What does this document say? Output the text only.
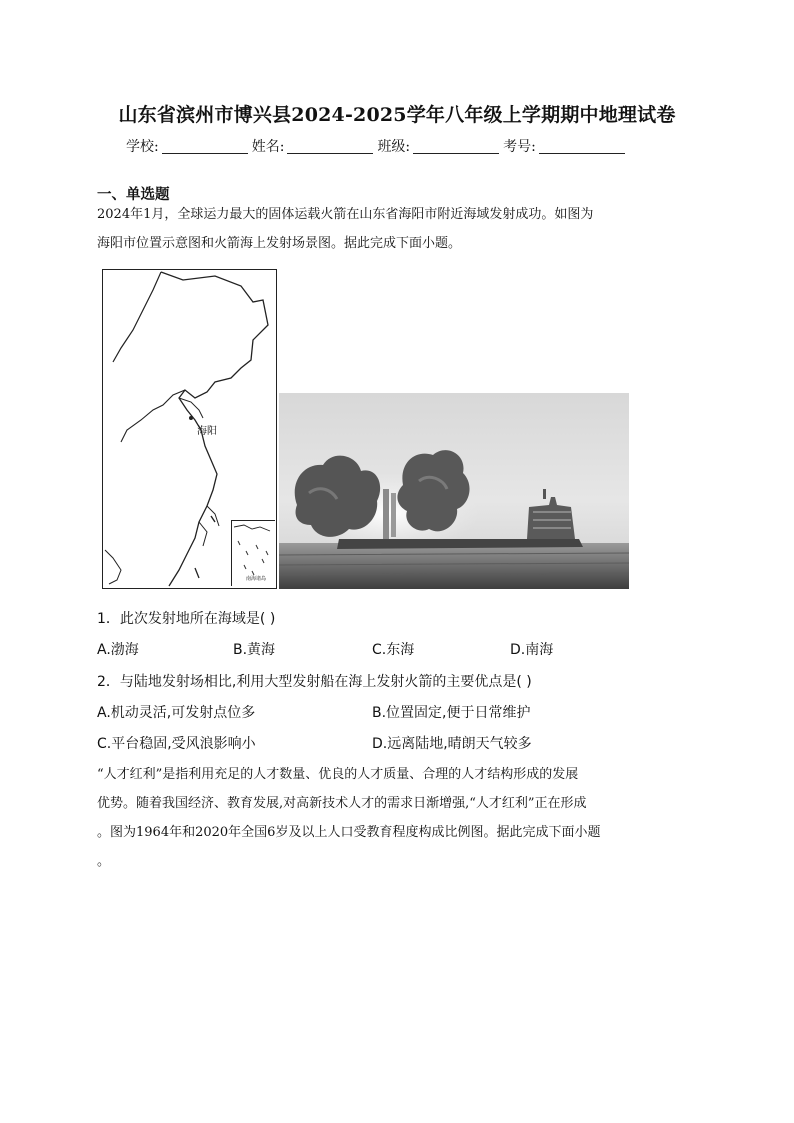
山东省滨州市博兴县2024-2025学年八年级上学期期中地理试卷
学校:	姓名:	班级:	考号:
一、单选题
2024年1月，全球运力最大的固体运载火箭在山东省海阳市附近海域发射成功。如图为
海阳市位置示意图和火箭海上发射场景图。据此完成下面小题。
海阳
南海诸岛
1．此次发射地所在海域是( )
A.渤海	B.黄海	C.东海	D.南海
2．与陆地发射场相比,利用大型发射船在海上发射火箭的主要优点是( )
A.机动灵活,可发射点位多	B.位置固定,便于日常维护
C.平台稳固,受风浪影响小	D.远离陆地,晴朗天气较多
“人才红利”是指利用充足的人才数量、优良的人才质量、合理的人才结构形成的发展
优势。随着我国经济、教育发展,对高新技术人才的需求日渐增强,“人才红利”正在形成
。图为1964年和2020年全国6岁及以上人口受教育程度构成比例图。据此完成下面小题
。
